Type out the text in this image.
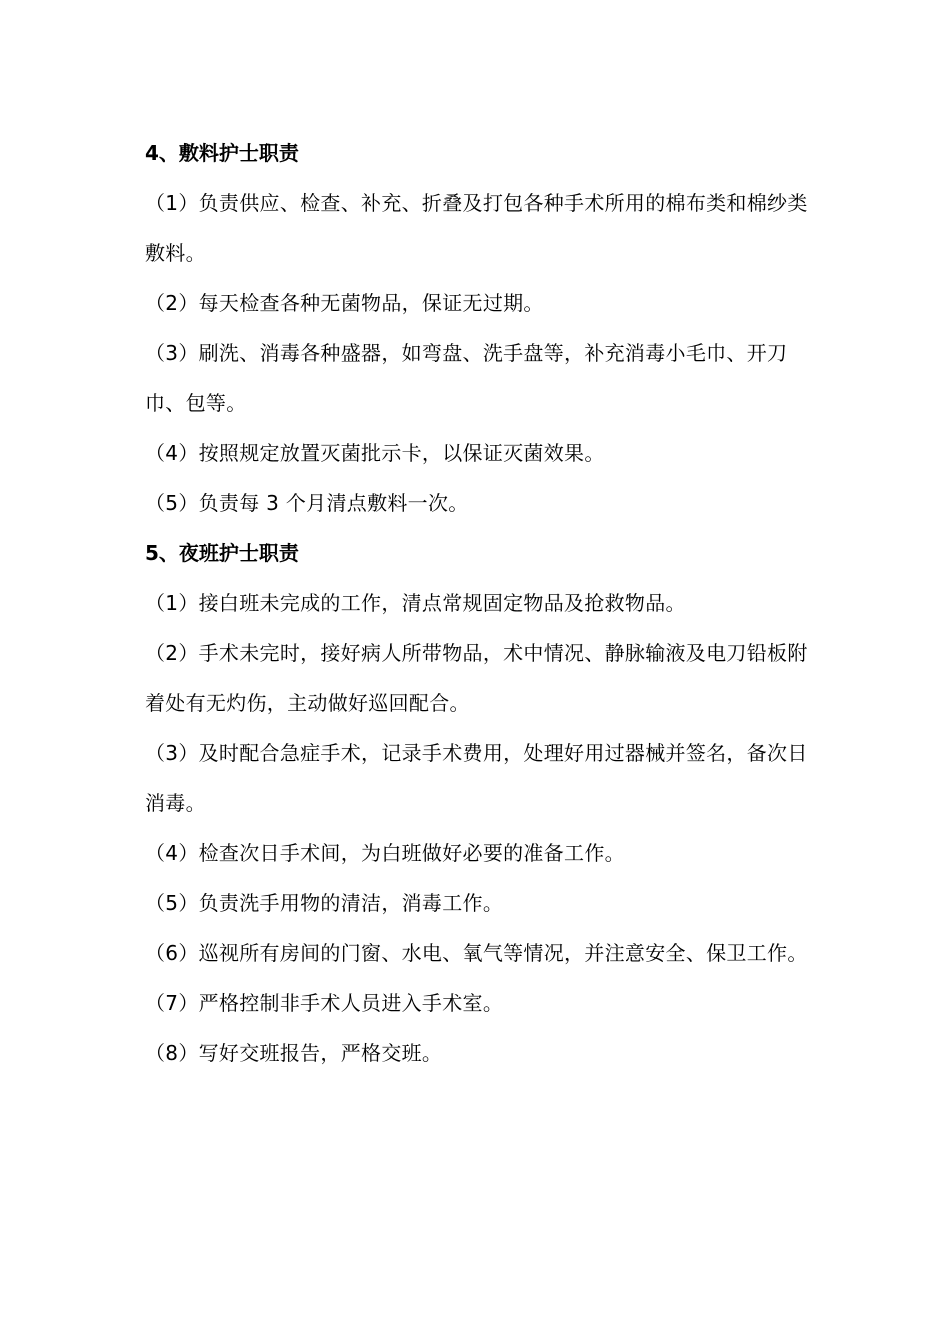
4、敷料护士职责

（1）负责供应、检查、补充、折叠及打包各种手术所用的棉布类和棉纱类敷料。

（2）每天检查各种无菌物品，保证无过期。

（3）刷洗、消毒各种盛器，如弯盘、洗手盘等，补充消毒小毛巾、开刀巾、包等。

（4）按照规定放置灭菌批示卡，以保证灭菌效果。

（5）负责每 3 个月清点敷料一次。

5、夜班护士职责

（1）接白班未完成的工作，清点常规固定物品及抢救物品。

（2）手术未完时，接好病人所带物品，术中情况、静脉输液及电刀铅板附着处有无灼伤，主动做好巡回配合。

（3）及时配合急症手术，记录手术费用，处理好用过器械并签名，备次日消毒。

（4）检查次日手术间，为白班做好必要的准备工作。

（5）负责洗手用物的清洁，消毒工作。

（6）巡视所有房间的门窗、水电、氧气等情况，并注意安全、保卫工作。

（7）严格控制非手术人员进入手术室。

（8）写好交班报告，严格交班。
